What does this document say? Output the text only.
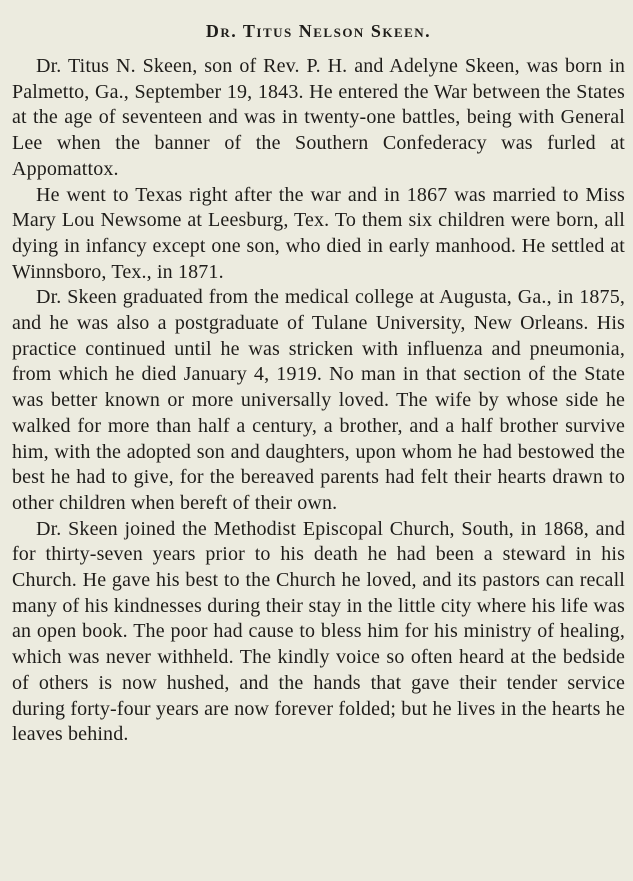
Dr. Titus Nelson Skeen.

Dr. Titus N. Skeen, son of Rev. P. H. and Adelyne Skeen, was born in Palmetto, Ga., September 19, 1843. He entered the War between the States at the age of seventeen and was in twenty-one battles, being with General Lee when the banner of the Southern Confederacy was furled at Appomattox.

He went to Texas right after the war and in 1867 was married to Miss Mary Lou Newsome at Leesburg, Tex. To them six children were born, all dying in infancy except one son, who died in early manhood. He settled at Winnsboro, Tex., in 1871.

Dr. Skeen graduated from the medical college at Augusta, Ga., in 1875, and he was also a postgraduate of Tulane University, New Orleans. His practice continued until he was stricken with influenza and pneumonia, from which he died January 4, 1919. No man in that section of the State was better known or more universally loved. The wife by whose side he walked for more than half a century, a brother, and a half brother survive him, with the adopted son and daughters, upon whom he had bestowed the best he had to give, for the bereaved parents had felt their hearts drawn to other children when bereft of their own.

Dr. Skeen joined the Methodist Episcopal Church, South, in 1868, and for thirty-seven years prior to his death he had been a steward in his Church. He gave his best to the Church he loved, and its pastors can recall many of his kindnesses during their stay in the little city where his life was an open book. The poor had cause to bless him for his ministry of healing, which was never withheld. The kindly voice so often heard at the bedside of others is now hushed, and the hands that gave their tender service during forty-four years are now forever folded; but he lives in the hearts he leaves behind.
